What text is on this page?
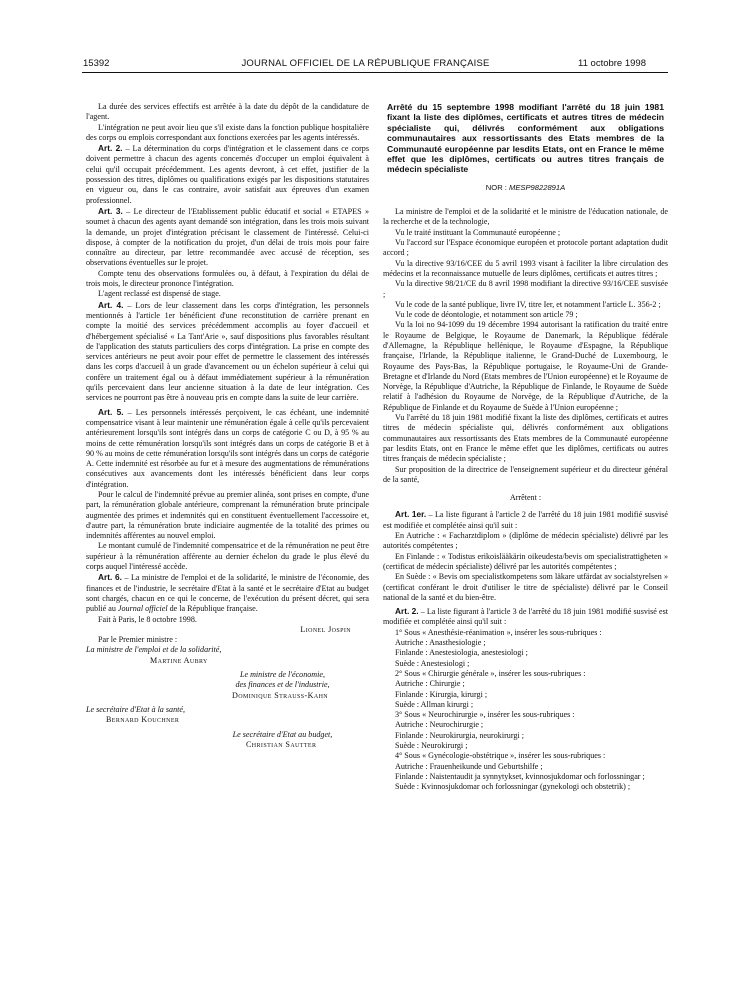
15392	JOURNAL OFFICIEL DE LA RÉPUBLIQUE FRANÇAISE	11 octobre 1998

La durée des services effectifs est arrêtée à la date du dépôt de la candidature de l'agent.

L'intégration ne peut avoir lieu que s'il existe dans la fonction publique hospitalière des corps ou emplois correspondant aux fonctions exercées par les agents intéressés.

Art. 2. – La détermination du corps d'intégration et le classement dans ce corps doivent permettre à chacun des agents concernés d'occuper un emploi équivalent à celui qu'il occupait précédemment. Les agents devront, à cet effet, justifier de la possession des titres, diplômes ou qualifications exigés par les dispositions statutaires en vigueur ou, dans le cas contraire, avoir satisfait aux épreuves d'un examen professionnel.

Art. 3. – Le directeur de l'Etablissement public éducatif et social « ETAPES » soumet à chacun des agents ayant demandé son intégration, dans les trois mois suivant la demande, un projet d'intégration précisant le classement de l'intéressé. Celui-ci dispose, à compter de la notification du projet, d'un délai de trois mois pour faire connaître au directeur, par lettre recommandée avec accusé de réception, ses observations éventuelles sur le projet.

Compte tenu des observations formulées ou, à défaut, à l'expiration du délai de trois mois, le directeur prononce l'intégration.

L'agent reclassé est dispensé de stage.

Art. 4. – Lors de leur classement dans les corps d'intégration, les personnels mentionnés à l'article 1er bénéficient d'une reconstitution de carrière prenant en compte la moitié des services précédemment accomplis au foyer d'accueil et d'hébergement spécialisé « La Tant'Arie », sauf dispositions plus favorables résultant de l'application des statuts particuliers des corps d'intégration. La prise en compte des services antérieurs ne peut avoir pour effet de permettre le classement des intéressés dans les corps d'accueil à un grade d'avancement ou un échelon supérieur à celui qui confère un traitement égal ou à défaut immédiatement supérieur à la rémunération qu'ils percevaient dans leur ancienne situation à la date de leur intégration. Ces services ne pourront pas être à nouveau pris en compte dans la suite de leur carrière.

Art. 5. – Les personnels intéressés perçoivent, le cas échéant, une indemnité compensatrice visant à leur maintenir une rémunération égale à celle qu'ils percevaient antérieurement lorsqu'ils sont intégrés dans un corps de catégorie C ou D, à 95 % au moins de cette rémunération lorsqu'ils sont intégrés dans un corps de catégorie B et à 90 % au moins de cette rémunération lorsqu'ils sont intégrés dans un corps de catégorie A. Cette indemnité est résorbée au fur et à mesure des augmentations de rémunérations consécutives aux avancements dont les intéressés bénéficient dans leur corps d'intégration.

Pour le calcul de l'indemnité prévue au premier alinéa, sont prises en compte, d'une part, la rémunération globale antérieure, comprenant la rémunération brute principale augmentée des primes et indemnités qui en constituent éventuellement l'accessoire et, d'autre part, la rémunération brute indiciaire augmentée de la totalité des primes ou indemnités afférentes au nouvel emploi.

Le montant cumulé de l'indemnité compensatrice et de la rémunération ne peut être supérieur à la rémunération afférente au dernier échelon du grade le plus élevé du corps auquel l'intéressé accède.

Art. 6. – La ministre de l'emploi et de la solidarité, le ministre de l'économie, des finances et de l'industrie, le secrétaire d'Etat à la santé et le secrétaire d'Etat au budget sont chargés, chacun en ce qui le concerne, de l'exécution du présent décret, qui sera publié au Journal officiel de la République française.

Fait à Paris, le 8 octobre 1998.

Lionel Jospin

Par le Premier ministre :

La ministre de l'emploi et de la solidarité,

Martine Aubry

Le ministre de l'économie,

des finances et de l'industrie,

Dominique Strauss-Kahn

Le secrétaire d'Etat à la santé,

Bernard Kouchner

Le secrétaire d'Etat au budget,

Christian Sautter

Arrêté du 15 septembre 1998 modifiant l'arrêté du 18 juin 1981 fixant la liste des diplômes, certificats et autres titres de médecin spécialiste qui, délivrés conformément aux obligations communautaires aux ressortissants des Etats membres de la Communauté européenne par lesdits Etats, ont en France le même effet que les diplômes, certificats ou autres titres français de médecin spécialiste
NOR : MESP9822891A

La ministre de l'emploi et de la solidarité et le ministre de l'éducation nationale, de la recherche et de la technologie,

Vu le traité instituant la Communauté européenne ;

Vu l'accord sur l'Espace économique européen et protocole portant adaptation dudit accord ;

Vu la directive 93/16/CEE du 5 avril 1993 visant à faciliter la libre circulation des médecins et la reconnaissance mutuelle de leurs diplômes, certificats et autres titres ;

Vu la directive 98/21/CE du 8 avril 1998 modifiant la directive 93/16/CEE susvisée ;

Vu le code de la santé publique, livre IV, titre Ier, et notamment l'article L. 356-2 ;

Vu le code de déontologie, et notamment son article 79 ;

Vu la loi no 94-1099 du 19 décembre 1994 autorisant la ratification du traité entre le Royaume de Belgique, le Royaume de Danemark, la République fédérale d'Allemagne, la République hellénique, le Royaume d'Espagne, la République française, l'Irlande, la République italienne, le Grand-Duché de Luxembourg, le Royaume des Pays-Bas, la République portugaise, le Royaume-Uni de Grande-Bretagne et d'Irlande du Nord (Etats membres de l'Union européenne) et le Royaume de Norvège, la République d'Autriche, la République de Finlande, le Royaume de Suède relatif à l'adhésion du Royaume de Norvège, de la République d'Autriche, de la République de Finlande et du Royaume de Suède à l'Union européenne ;

Vu l'arrêté du 18 juin 1981 modifié fixant la liste des diplômes, certificats et autres titres de médecin spécialiste qui, délivrés conformément aux obligations communautaires aux ressortissants des Etats membres de la Communauté européenne par lesdits Etats, ont en France le même effet que les diplômes, certificats ou autres titres français de médecin spécialiste ;

Sur proposition de la directrice de l'enseignement supérieur et du directeur général de la santé,

Arrêtent :

Art. 1er. – La liste figurant à l'article 2 de l'arrêté du 18 juin 1981 modifié susvisé est modifiée et complétée ainsi qu'il suit :

En Autriche : « Facharztdiplom » (diplôme de médecin spécialiste) délivré par les autorités compétentes ;

En Finlande : « Todistus erikoislääkärin oikeudesta/bevis om specialistrattigheten » (certificat de médecin spécialiste) délivré par les autorités compétentes ;

En Suède : « Bevis om specialistkompetens som läkare utfärdat av socialstyrelsen » (certificat conférant le droit d'utiliser le titre de spécialiste) délivré par le Conseil national de la santé et du bien-être.

Art. 2. – La liste figurant à l'article 3 de l'arrêté du 18 juin 1981 modifié susvisé est modifiée et complétée ainsi qu'il suit :

1° Sous « Anesthésie-réanimation », insérer les sous-rubriques :

Autriche : Anasthesiologie ;

Finlande : Anestesiologia, anestesiologi ;

Suède : Anestesiologi ;

2° Sous « Chirurgie générale », insérer les sous-rubriques :

Autriche : Chirurgie ;

Finlande : Kirurgia, kirurgi ;

Suède : Allman kirurgi ;

3° Sous « Neurochirurgie », insérer les sous-rubriques :

Autriche : Neurochirurgie ;

Finlande : Neurokirurgia, neurokirurgi ;

Suède : Neurokirurgi ;

4° Sous « Gynécologie-obstétrique », insérer les sous-rubriques :

Autriche : Frauenheikunde und Geburtshilfe ;

Finlande : Naistentaudit ja synnytykset, kvinnosjukdomar och forlossningar ;

Suède : Kvinnosjukdomar och forlossningar (gynekologi och obstetrik) ;
